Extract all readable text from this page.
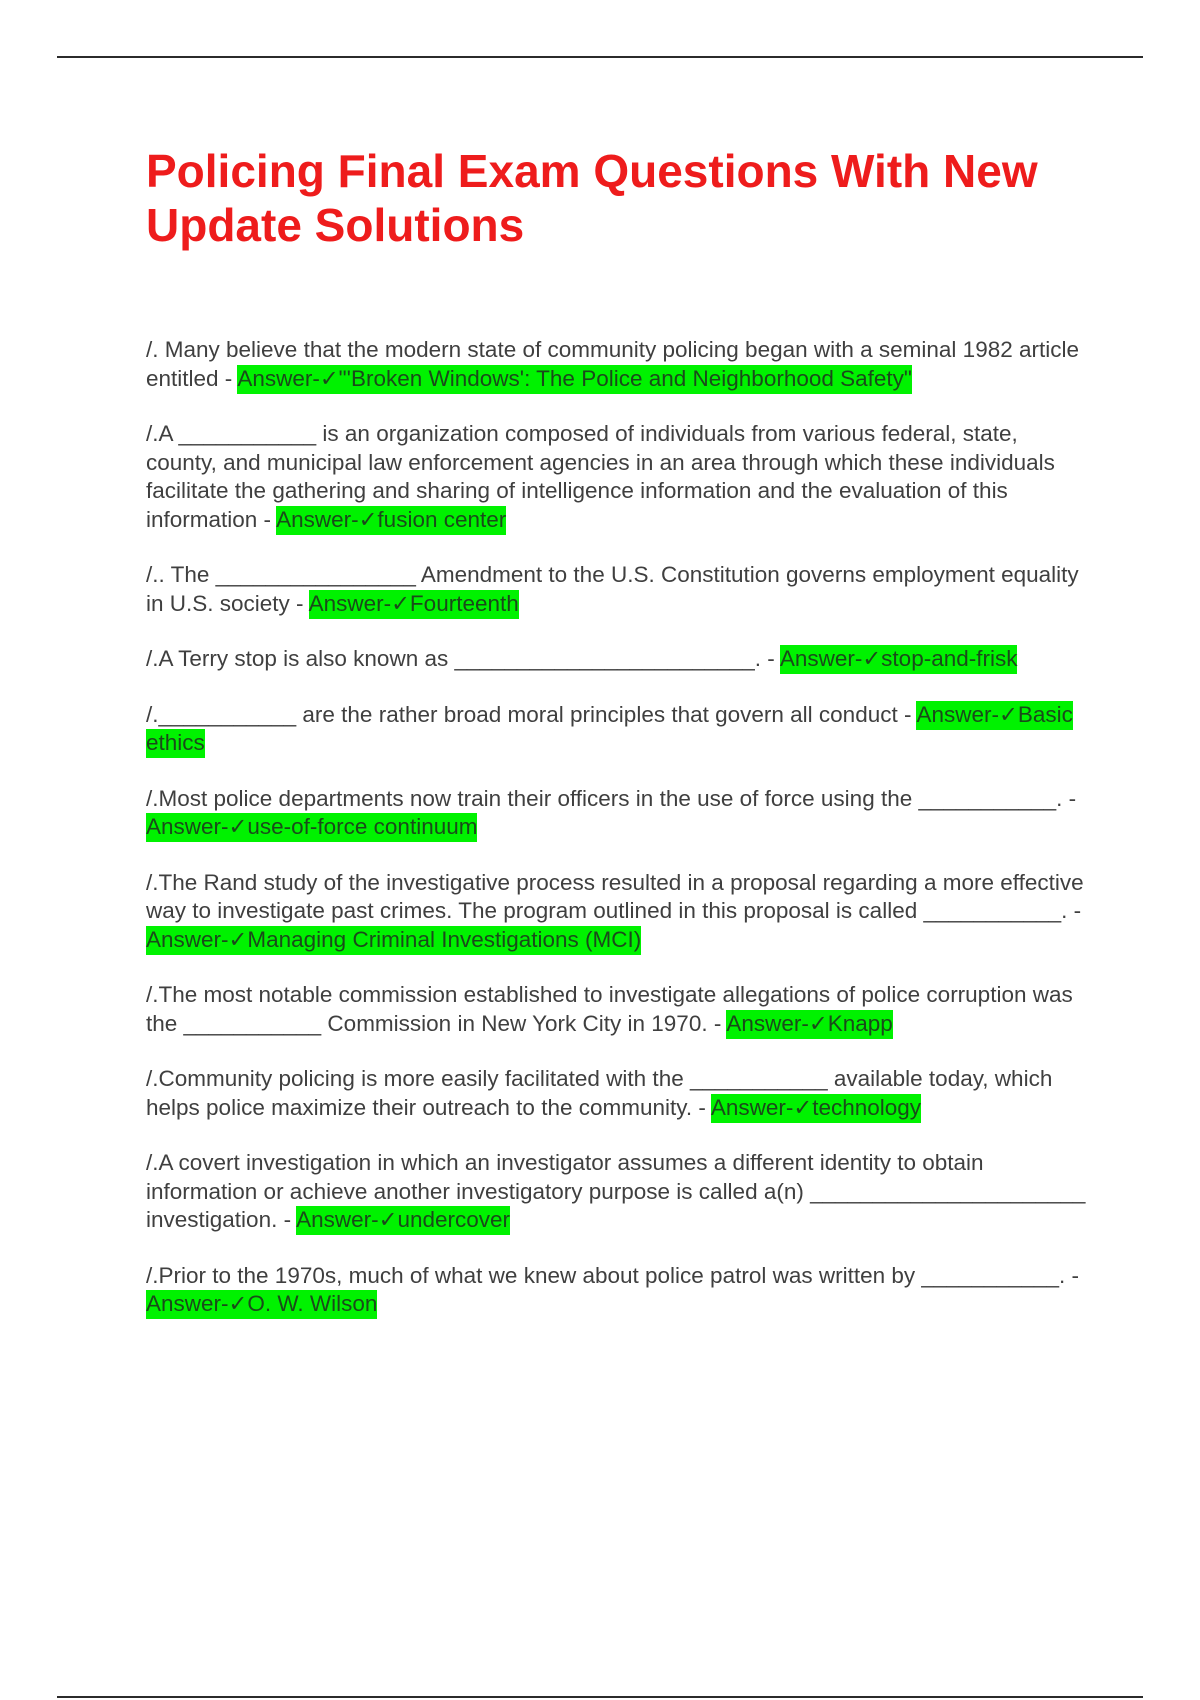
Policing Final Exam Questions With New Update Solutions

/. Many believe that the modern state of community policing began with a seminal 1982 article entitled - Answer-✓"'Broken Windows': The Police and Neighborhood Safety"

/.A ___________ is an organization composed of individuals from various federal, state, county, and municipal law enforcement agencies in an area through which these individuals facilitate the gathering and sharing of intelligence information and the evaluation of this information - Answer-✓fusion center

/.. The ________________ Amendment to the U.S. Constitution governs employment equality in U.S. society - Answer-✓Fourteenth

/.A Terry stop is also known as ________________________. - Answer-✓stop-and-frisk

/.___________ are the rather broad moral principles that govern all conduct - Answer-✓Basic ethics

/.Most police departments now train their officers in the use of force using the ___________. - Answer-✓use-of-force continuum

/.The Rand study of the investigative process resulted in a proposal regarding a more effective way to investigate past crimes. The program outlined in this proposal is called ___________. - Answer-✓Managing Criminal Investigations (MCI)

/.The most notable commission established to investigate allegations of police corruption was the ___________ Commission in New York City in 1970. - Answer-✓Knapp

/.Community policing is more easily facilitated with the ___________ available today, which helps police maximize their outreach to the community. - Answer-✓technology

/.A covert investigation in which an investigator assumes a different identity to obtain information or achieve another investigatory purpose is called a(n) ______________________ investigation. - Answer-✓undercover

/.Prior to the 1970s, much of what we knew about police patrol was written by ___________. - Answer-✓O. W. Wilson
